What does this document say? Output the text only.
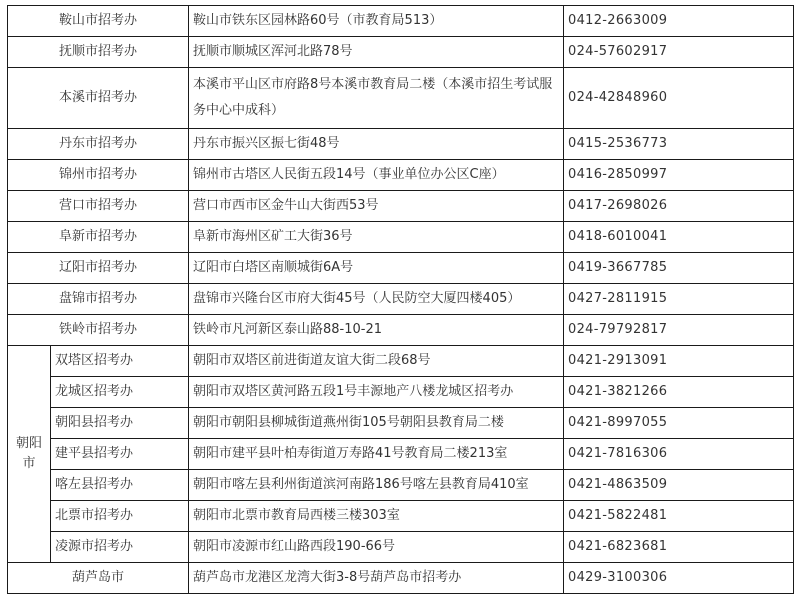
鞍山市招考办		鞍山市铁东区园林路60号（市教育局513）	0412-2663009
抚顺市招考办		抚顺市顺城区浑河北路78号	024-57602917
本溪市招考办		本溪市平山区市府路8号本溪市教育局二楼（本溪市招生考试服务中心中成科）	024-42848960
丹东市招考办		丹东市振兴区振七街48号	0415-2536773
锦州市招考办		锦州市古塔区人民街五段14号（事业单位办公区C座）	0416-2850997
营口市招考办		营口市西市区金牛山大街西53号	0417-2698026
阜新市招考办		阜新市海州区矿工大街36号	0418-6010041
辽阳市招考办		辽阳市白塔区南顺城街6A号	0419-3667785
盘锦市招考办		盘锦市兴隆台区市府大街45号（人民防空大厦四楼405）	0427-2811915
铁岭市招考办		铁岭市凡河新区泰山路88-10-21	024-79792817
朝阳市	双塔区招考办	朝阳市双塔区前进街道友谊大街二段68号	0421-2913091
	龙城区招考办	朝阳市双塔区黄河路五段1号丰源地产八楼龙城区招考办	0421-3821266
	朝阳县招考办	朝阳市朝阳县柳城街道燕州街105号朝阳县教育局二楼	0421-8997055
	建平县招考办	朝阳市建平县叶柏寿街道万寿路41号教育局二楼213室	0421-7816306
	喀左县招考办	朝阳市喀左县利州街道滨河南路186号喀左县教育局410室	0421-4863509
	北票市招考办	朝阳市北票市教育局西楼三楼303室	0421-5822481
	凌源市招考办	朝阳市凌源市红山路西段190-66号	0421-6823681
葫芦岛市		葫芦岛市龙港区龙湾大街3-8号葫芦岛市招考办	0429-3100306
